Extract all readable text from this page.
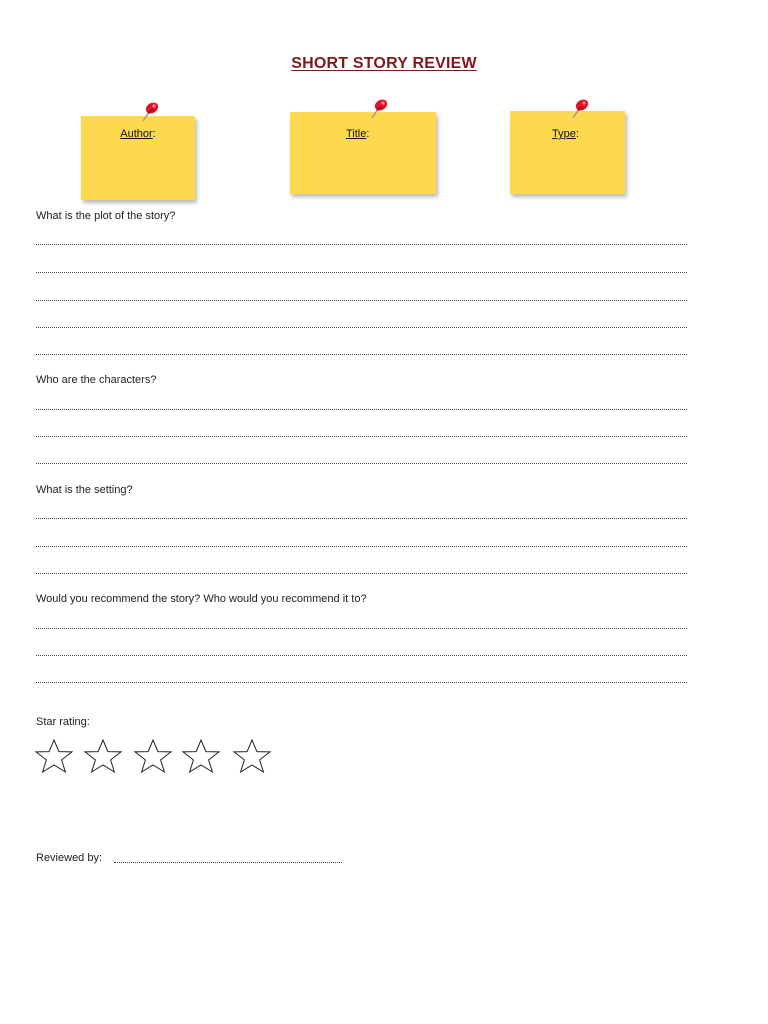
SHORT STORY REVIEW
Author:	Title:	Type:
What is the plot of the story?
Who are the characters?
What is the setting?
Would you recommend the story? Who would you recommend it to?
Star rating:
Reviewed by:
